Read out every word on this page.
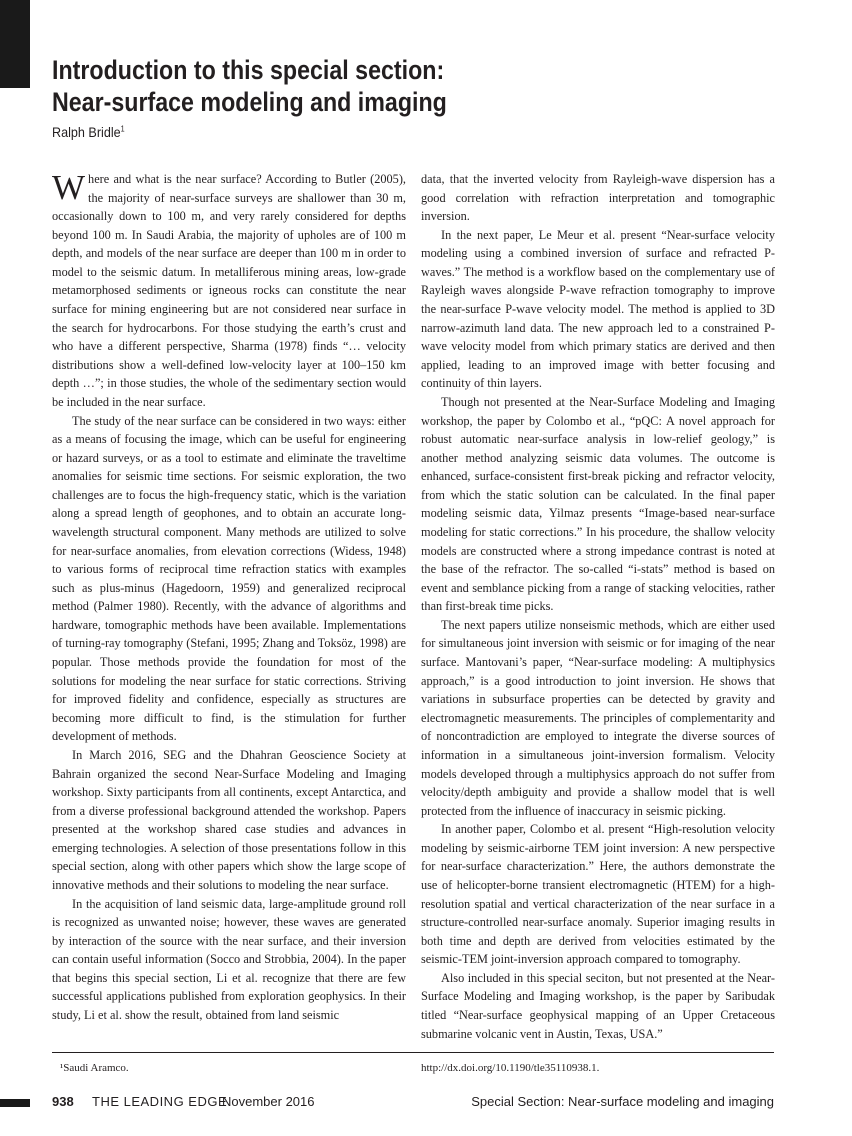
Introduction to this special section:
Near-surface modeling and imaging
Ralph Bridle$^1$

Where and what is the near surface? According to Butler (2005), the majority of near-surface surveys are shallower than 30 m, occasionally down to 100 m, and very rarely considered for depths beyond 100 m. In Saudi Arabia, the majority of upholes are of 100 m depth, and models of the near surface are deeper than 100 m in order to model to the seismic datum. In metalliferous mining areas, low-grade metamorphosed sediments or igneous rocks can constitute the near surface for mining engineering but are not considered near surface in the search for hydrocarbons. For those studying the earth’s crust and who have a different perspective, Sharma (1978) finds “… velocity distributions show a well-defined low-velocity layer at 100–150 km depth …”; in those studies, the whole of the sedimentary section would be included in the near surface.

The study of the near surface can be considered in two ways: either as a means of focusing the image, which can be useful for engineering or hazard surveys, or as a tool to estimate and eliminate the traveltime anomalies for seismic time sections. For seismic exploration, the two challenges are to focus the high-frequency static, which is the variation along a spread length of geophones, and to obtain an accurate long-wavelength structural component. Many methods are utilized to solve for near-surface anomalies, from elevation corrections (Widess, 1948) to various forms of reciprocal time refraction statics with examples such as plus-minus (Hagedoorn, 1959) and generalized reciprocal method (Palmer 1980). Recently, with the advance of algorithms and hardware, tomographic methods have been available. Implementations of turning-ray tomography (Stefani, 1995; Zhang and Toksöz, 1998) are popular. Those methods provide the foundation for most of the solutions for modeling the near surface for static corrections. Striving for improved fidelity and confidence, especially as structures are becoming more difficult to find, is the stimulation for further development of methods.

In March 2016, SEG and the Dhahran Geoscience Society at Bahrain organized the second Near-Surface Modeling and Imaging workshop. Sixty participants from all continents, except Antarctica, and from a diverse professional background attended the workshop. Papers presented at the workshop shared case studies and advances in emerging technologies. A selection of those presentations follow in this special section, along with other papers which show the large scope of innovative methods and their solutions to modeling the near surface.

In the acquisition of land seismic data, large-amplitude ground roll is recognized as unwanted noise; however, these waves are generated by interaction of the source with the near surface, and their inversion can contain useful information (Socco and Strobbia, 2004). In the paper that begins this special section, Li et al. recognize that there are few successful applications published from exploration geophysics. In their study, Li et al. show the result, obtained from land seismic

data, that the inverted velocity from Rayleigh-wave dispersion has a good correlation with refraction interpretation and tomographic inversion.

In the next paper, Le Meur et al. present “Near-surface velocity modeling using a combined inversion of surface and refracted P-waves.” The method is a workflow based on the complementary use of Rayleigh waves alongside P-wave refraction tomography to improve the near-surface P-wave velocity model. The method is applied to 3D narrow-azimuth land data. The new approach led to a constrained P-wave velocity model from which primary statics are derived and then applied, leading to an improved image with better focusing and continuity of thin layers.

Though not presented at the Near-Surface Modeling and Imaging workshop, the paper by Colombo et al., “pQC: A novel approach for robust automatic near-surface analysis in low-relief geology,” is another method analyzing seismic data volumes. The outcome is enhanced, surface-consistent first-break picking and refractor velocity, from which the static solution can be calculated. In the final paper modeling seismic data, Yilmaz presents “Image-based near-surface modeling for static corrections.” In his procedure, the shallow velocity models are constructed where a strong impedance contrast is noted at the base of the refractor. The so-called “i-stats” method is based on event and semblance picking from a range of stacking velocities, rather than first-break time picks.

The next papers utilize nonseismic methods, which are either used for simultaneous joint inversion with seismic or for imaging of the near surface. Mantovani’s paper, “Near-surface modeling: A multiphysics approach,” is a good introduction to joint inversion. He shows that variations in subsurface properties can be detected by gravity and electromagnetic measurements. The principles of complementarity and of noncontradiction are employed to integrate the diverse sources of information in a simultaneous joint-inversion formalism. Velocity models developed through a multiphysics approach do not suffer from velocity/depth ambiguity and provide a shallow model that is well protected from the influence of inaccuracy in seismic picking.

In another paper, Colombo et al. present “High-resolution velocity modeling by seismic-airborne TEM joint inversion: A new perspective for near-surface characterization.” Here, the authors demonstrate the use of helicopter-borne transient electromagnetic (HTEM) for a high-resolution spatial and vertical characterization of the near surface in a structure-controlled near-surface anomaly. Superior imaging results in both time and depth are derived from velocities estimated by the seismic-TEM joint-inversion approach compared to tomography.

Also included in this special seciton, but not presented at the Near-Surface Modeling and Imaging workshop, is the paper by Saribudak titled “Near-surface geophysical mapping of an Upper Cretaceous submarine volcanic vent in Austin, Texas, USA.”

¹Saudi Aramco.	http://dx.doi.org/10.1190/tle35110938.1.
938 THE LEADING EDGE
November 2016	Special Section: Near-surface modeling and imaging
